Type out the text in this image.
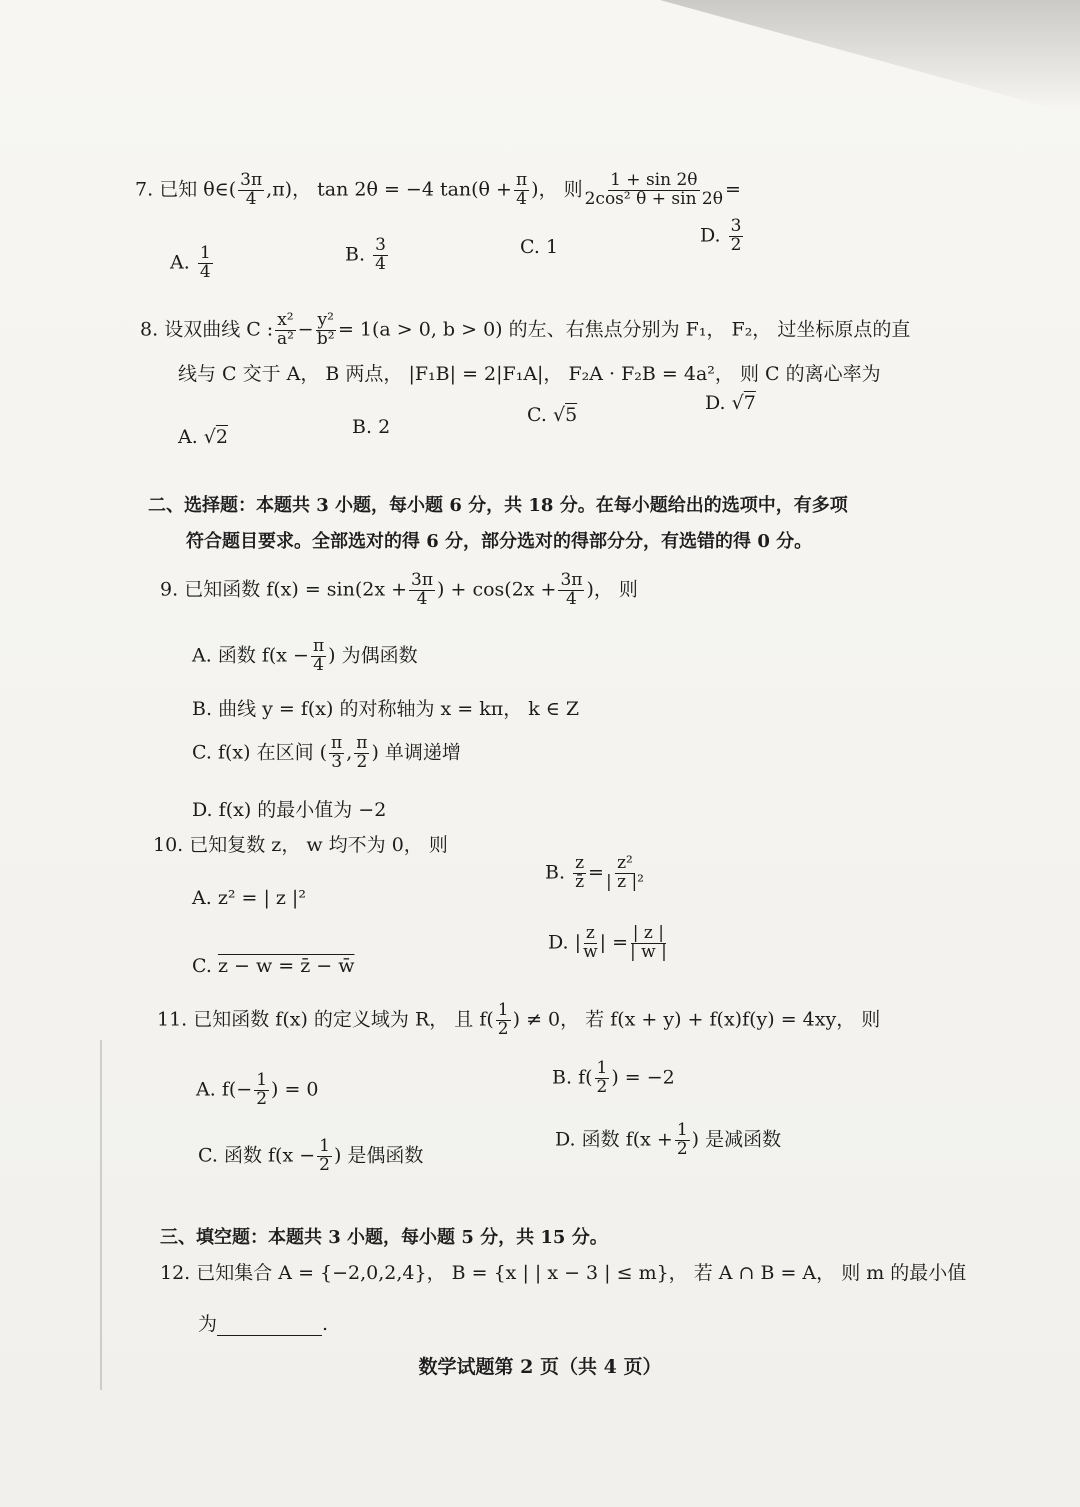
7. 已知 θ∈( $\frac{3\pi}{4} ,\pi$)， tan 2θ = −4 $\tan(\theta + \frac{\pi}{4}$ )， 则 $\frac{1 + \sin 2\theta}{\text{2cos² θ + sin 2θ}}$ =
A. $\frac{1}{4}$	B. $\frac{3}{4}$	C. 1
D. $\frac{3}{2}$
8. 设双曲线 C : $\frac{\text{x²}}{\text{a²}} - \frac{\text{y²}}{\text{b²}} = 1(a > 0$, b > 0) 的左、右焦点分别为 F₁， F₂， 过坐标原点的直
线与 C 交于 A， B 两点， |F₁B| = 2|F₁A|， F₂A · F₂B = 4a²， 则 C 的离心率为
A. √2	B. 2
C. √5
D. √7
二、选择题：本题共 3 小题，每小题 6 分，共 18 分。在每小题给出的选项中，有多项
符合题目要求。全部选对的得 6 分，部分选对的得部分分，有选错的得 0 分。
9. 已知函数 $f(x) = \sin(2x + \frac{3\pi}{4}$ ) + $\cos(2x + \frac{3\pi}{4}$ )， 则
A. 函数 $f(x - \frac{\pi}{4}$ ) 为偶函数
B. 曲线 y = f(x) 的对称轴为 x = kπ， k ∈ Z
C. f(x) 在区间 ( $\frac{\pi}{3}$ , $\frac{\pi}{2}$ ) 单调递增
D. f(x) 的最小值为 −2
10. 已知复数 z， w 均不为 0， 则
A. z² = | z |²
B. $\frac{z}{z̄} = \frac{\text{z²}}{\text{| z |²}}$
C. z − w = z̄ − w̄
D. | $\frac{z}{w}$ | = $\frac{| z |}{| w |}$
11. 已知函数 f(x) 的定义域为 R， 且 $f( \frac{1}{2}$ ) ≠ 0， 若 f(x + y) + f(x)f(y) = 4xy， 则
A. $f(- \frac{1}{2}$ ) = 0
B. $f( \frac{1}{2}$ ) = −2
C. 函数 $f(x - \frac{1}{2}$ ) 是偶函数
D. 函数 $f(x + \frac{1}{2}$ ) 是减函数
三、填空题：本题共 3 小题，每小题 5 分，共 15 分。
12. 已知集合 A = {−2,0,2,4}， B = {x | | x − 3 | ≤ m}， 若 A ∩ B = A， 则 m 的最小值
为	.
数学试题第 2 页（共 4 页）
